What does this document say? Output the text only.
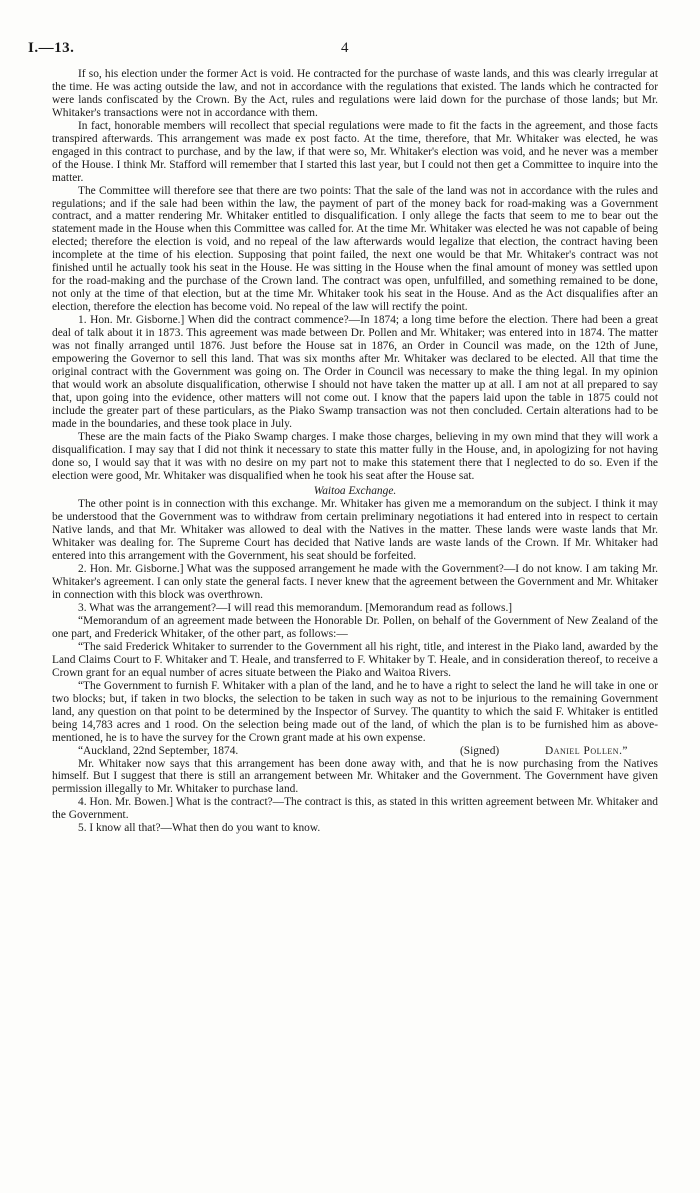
I.—13.	4

If so, his election under the former Act is void. He contracted for the purchase of waste lands, and this was clearly irregular at the time. He was acting outside the law, and not in accordance with the regulations that existed. The lands which he contracted for were lands confiscated by the Crown. By the Act, rules and regulations were laid down for the purchase of those lands; but Mr. Whitaker's transactions were not in accordance with them.

In fact, honorable members will recollect that special regulations were made to fit the facts in the agreement, and those facts transpired afterwards. This arrangement was made ex post facto. At the time, therefore, that Mr. Whitaker was elected, he was engaged in this contract to purchase, and by the law, if that were so, Mr. Whitaker's election was void, and he never was a member of the House. I think Mr. Stafford will remember that I started this last year, but I could not then get a Committee to inquire into the matter.

The Committee will therefore see that there are two points: That the sale of the land was not in accordance with the rules and regulations; and if the sale had been within the law, the payment of part of the money back for road-making was a Government contract, and a matter rendering Mr. Whitaker entitled to disqualification. I only allege the facts that seem to me to bear out the statement made in the House when this Committee was called for. At the time Mr. Whitaker was elected he was not capable of being elected; therefore the election is void, and no repeal of the law afterwards would legalize that election, the contract having been incomplete at the time of his election. Supposing that point failed, the next one would be that Mr. Whitaker's contract was not finished until he actually took his seat in the House. He was sitting in the House when the final amount of money was settled upon for the road-making and the purchase of the Crown land. The contract was open, unfulfilled, and something remained to be done, not only at the time of that election, but at the time Mr. Whitaker took his seat in the House. And as the Act disqualifies after an election, therefore the election has become void. No repeal of the law will rectify the point.

1. Hon. Mr. Gisborne.] When did the contract commence?—In 1874; a long time before the election. There had been a great deal of talk about it in 1873. This agreement was made between Dr. Pollen and Mr. Whitaker; was entered into in 1874. The matter was not finally arranged until 1876. Just before the House sat in 1876, an Order in Council was made, on the 12th of June, empowering the Governor to sell this land. That was six months after Mr. Whitaker was declared to be elected. All that time the original contract with the Government was going on. The Order in Council was necessary to make the thing legal. In my opinion that would work an absolute disqualification, otherwise I should not have taken the matter up at all. I am not at all prepared to say that, upon going into the evidence, other matters will not come out. I know that the papers laid upon the table in 1875 could not include the greater part of these particulars, as the Piako Swamp transaction was not then concluded. Certain alterations had to be made in the boundaries, and these took place in July.

These are the main facts of the Piako Swamp charges. I make those charges, believing in my own mind that they will work a disqualification. I may say that I did not think it necessary to state this matter fully in the House, and, in apologizing for not having done so, I would say that it was with no desire on my part not to make this statement there that I neglected to do so. Even if the election were good, Mr. Whitaker was disqualified when he took his seat after the House sat.

Waitoa Exchange.

The other point is in connection with this exchange. Mr. Whitaker has given me a memorandum on the subject. I think it may be understood that the Government was to withdraw from certain preliminary negotiations it had entered into in respect to certain Native lands, and that Mr. Whitaker was allowed to deal with the Natives in the matter. These lands were waste lands that Mr. Whitaker was dealing for. The Supreme Court has decided that Native lands are waste lands of the Crown. If Mr. Whitaker had entered into this arrangement with the Government, his seat should be forfeited.

2. Hon. Mr. Gisborne.] What was the supposed arrangement he made with the Government?—I do not know. I am taking Mr. Whitaker's agreement. I can only state the general facts. I never knew that the agreement between the Government and Mr. Whitaker in connection with this block was overthrown.

3. What was the arrangement?—I will read this memorandum. [Memorandum read as follows.]

“Memorandum of an agreement made between the Honorable Dr. Pollen, on behalf of the Government of New Zealand of the one part, and Frederick Whitaker, of the other part, as follows:—

“The said Frederick Whitaker to surrender to the Government all his right, title, and interest in the Piako land, awarded by the Land Claims Court to F. Whitaker and T. Heale, and transferred to F. Whitaker by T. Heale, and in consideration thereof, to receive a Crown grant for an equal number of acres situate between the Piako and Waitoa Rivers.

“The Government to furnish F. Whitaker with a plan of the land, and he to have a right to select the land he will take in one or two blocks; but, if taken in two blocks, the selection to be taken in such way as not to be injurious to the remaining Government land, any question on that point to be determined by the Inspector of Survey. The quantity to which the said F. Whitaker is entitled being 14,783 acres and 1 rood. On the selection being made out of the land, of which the plan is to be furnished him as above-mentioned, he is to have the survey for the Crown grant made at his own expense.

“Auckland, 22nd September, 1874.	(Signed)	Daniel Pollen.”

Mr. Whitaker now says that this arrangement has been done away with, and that he is now purchasing from the Natives himself. But I suggest that there is still an arrangement between Mr. Whitaker and the Government. The Government have given permission illegally to Mr. Whitaker to purchase land.

4. Hon. Mr. Bowen.] What is the contract?—The contract is this, as stated in this written agreement between Mr. Whitaker and the Government.

5. I know all that?—What then do you want to know.
